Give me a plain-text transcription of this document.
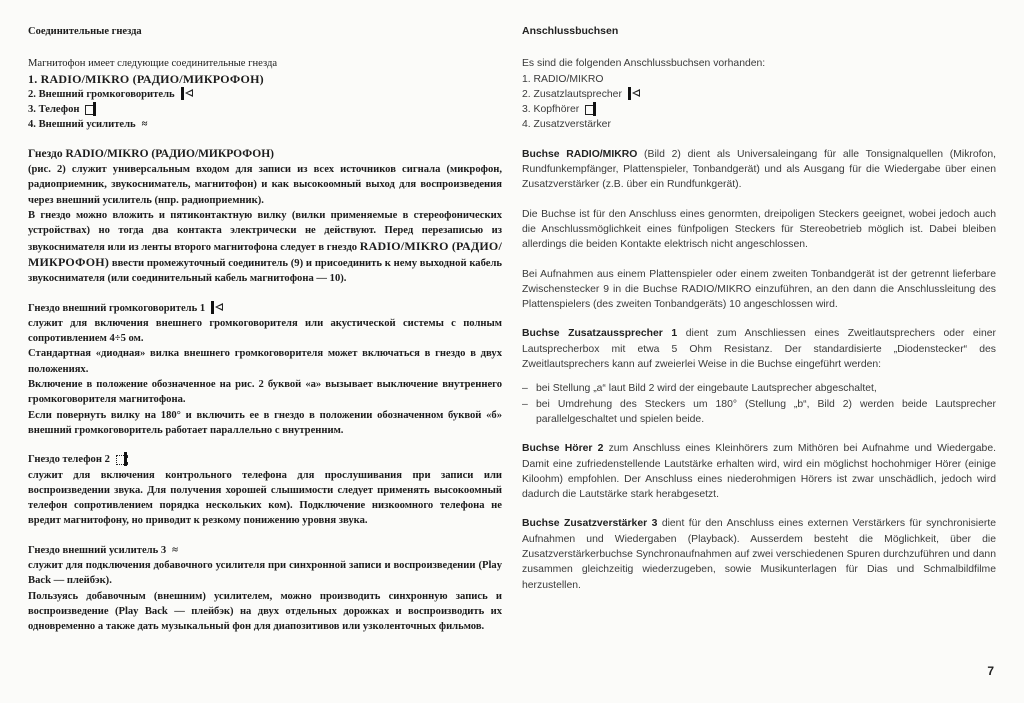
Соединительные гнезда

Магнитофон имеет следующие соединительные гнезда

1. RADIO/MIKRO (РАДИО/МИКРОФОН)

2. Внешний громкоговоритель

3. Телефон

4. Внешний усилитель ≈

Гнездо RADIO/MIKRO (РАДИО/МИКРОФОН)

(рис. 2) служит универсальным входом для записи из всех источников сигнала (микрофон, радиоприемник, звукосниматель, магнитофон) и как высокоомный выход для воспроизведения через внешний усилитель (нпр. радиоприемник).

В гнездо можно вложить и пятиконтактную вилку (вилки применяемые в стереофонических устройствах) но тогда два контакта электрически не действуют. Перед перезаписью из звукоснимателя или из ленты второго магнитофона следует в гнездо RADIO/MIKRO (РАДИО/МИКРОФОН) ввести промежуточный соединитель (9) и присоединить к нему выходной кабель звукоснимателя (или соединительный кабель магнитофона — 10).

Гнездо внешний громкоговоритель 1

служит для включения внешнего громкоговорителя или акустической системы с полным сопротивлением 4÷5 ом.

Стандартная «диодная» вилка внешнего громкоговорителя может включаться в гнездо в двух положениях.

Включение в положение обозначенное на рис. 2 буквой «а» вызывает выключение внутреннего громкоговорителя магнитофона.

Если повернуть вилку на 180° и включить ее в гнездо в положении обозначенном буквой «б» внешний громкоговоритель работает параллельно с внутренним.

Гнездо телефон 2

служит для включения контрольного телефона для прослушивания при записи или воспроизведении звука. Для получения хорошей слышимости следует применять высокоомный телефон сопротивлением порядка нескольких ком). Подключение низкоомного телефона не вредит магнитофону, но приводит к резкому понижению уровня звука.

Гнездо внешний усилитель 3 ≈

служит для подключения добавочного усилителя при синхронной записи и воспроизведении (Play Back — плейбэк).

Пользуясь добавочным (внешним) усилителем, можно производить синхронную запись и воспроизведение (Play Back — плейбэк) на двух отдельных дорожках и воспроизводить их одновременно а также дать музыкальный фон для диапозитивов или узколенточных фильмов.

Anschlussbuchsen

Es sind die folgenden Anschlussbuchsen vorhanden:

1. RADIO/MIKRO

2. Zusatzlautsprecher

3. Kopfhörer

4. Zusatzverstärker

Buchse RADIO/MIKRO (Bild 2) dient als Universaleingang für alle Tonsignalquellen (Mikrofon, Rundfunkempfänger, Plattenspieler, Tonbandgerät) und als Ausgang für die Wiedergabe über einen Zusatzverstärker (z.B. über ein Rundfunkgerät).

Die Buchse ist für den Anschluss eines genormten, dreipoligen Steckers geeignet, wobei jedoch auch die Anschlussmöglichkeit eines fünfpoligen Steckers für Stereobetrieb möglich ist. Dabei bleiben allerdings die beiden Kontakte elektrisch nicht angeschlossen.

Bei Aufnahmen aus einem Plattenspieler oder einem zweiten Tonbandgerät ist der getrennt lieferbare Zwischenstecker 9 in die Buchse RADIO/MIKRO einzuführen, an den dann die Anschlussleitung des Plattenspielers (des zweiten Tonbandgeräts) 10 angeschlossen wird.

Buchse Zusatzaussprecher 1 dient zum Anschliessen eines Zweitlautsprechers oder einer Lautsprecherbox mit etwa 5 Ohm Resistanz. Der standardisierte „Diodenstecker“ des Zweitlautsprechers kann auf zweierlei Weise in die Buchse eingeführt werden:

– bei Stellung „a“ laut Bild 2 wird der eingebaute Lautsprecher abgeschaltet,
– bei Umdrehung des Steckers um 180° (Stellung „b“, Bild 2) werden beide Lautsprecher parallelgeschaltet und spielen beide.

Buchse Hörer 2 zum Anschluss eines Kleinhörers zum Mithören bei Aufnahme und Wiedergabe. Damit eine zufriedenstellende Lautstärke erhalten wird, wird ein möglichst hochohmiger Hörer (einige Kiloohm) empfohlen. Der Anschluss eines niederohmigen Hörers ist zwar unschädlich, jedoch wird dadurch die Lautstärke stark herabgesetzt.

Buchse Zusatzverstärker 3 dient für den Anschluss eines externen Verstärkers für synchronisierte Aufnahmen und Wiedergaben (Playback). Ausserdem besteht die Möglichkeit, über die Zusatzverstärkerbuchse Synchronaufnahmen auf zwei verschiedenen Spuren durchzuführen und dann zusammen gleichzeitig wiederzugeben, sowie Musikunterlagen für Dias und Schmalbildfilme herzustellen.

7
